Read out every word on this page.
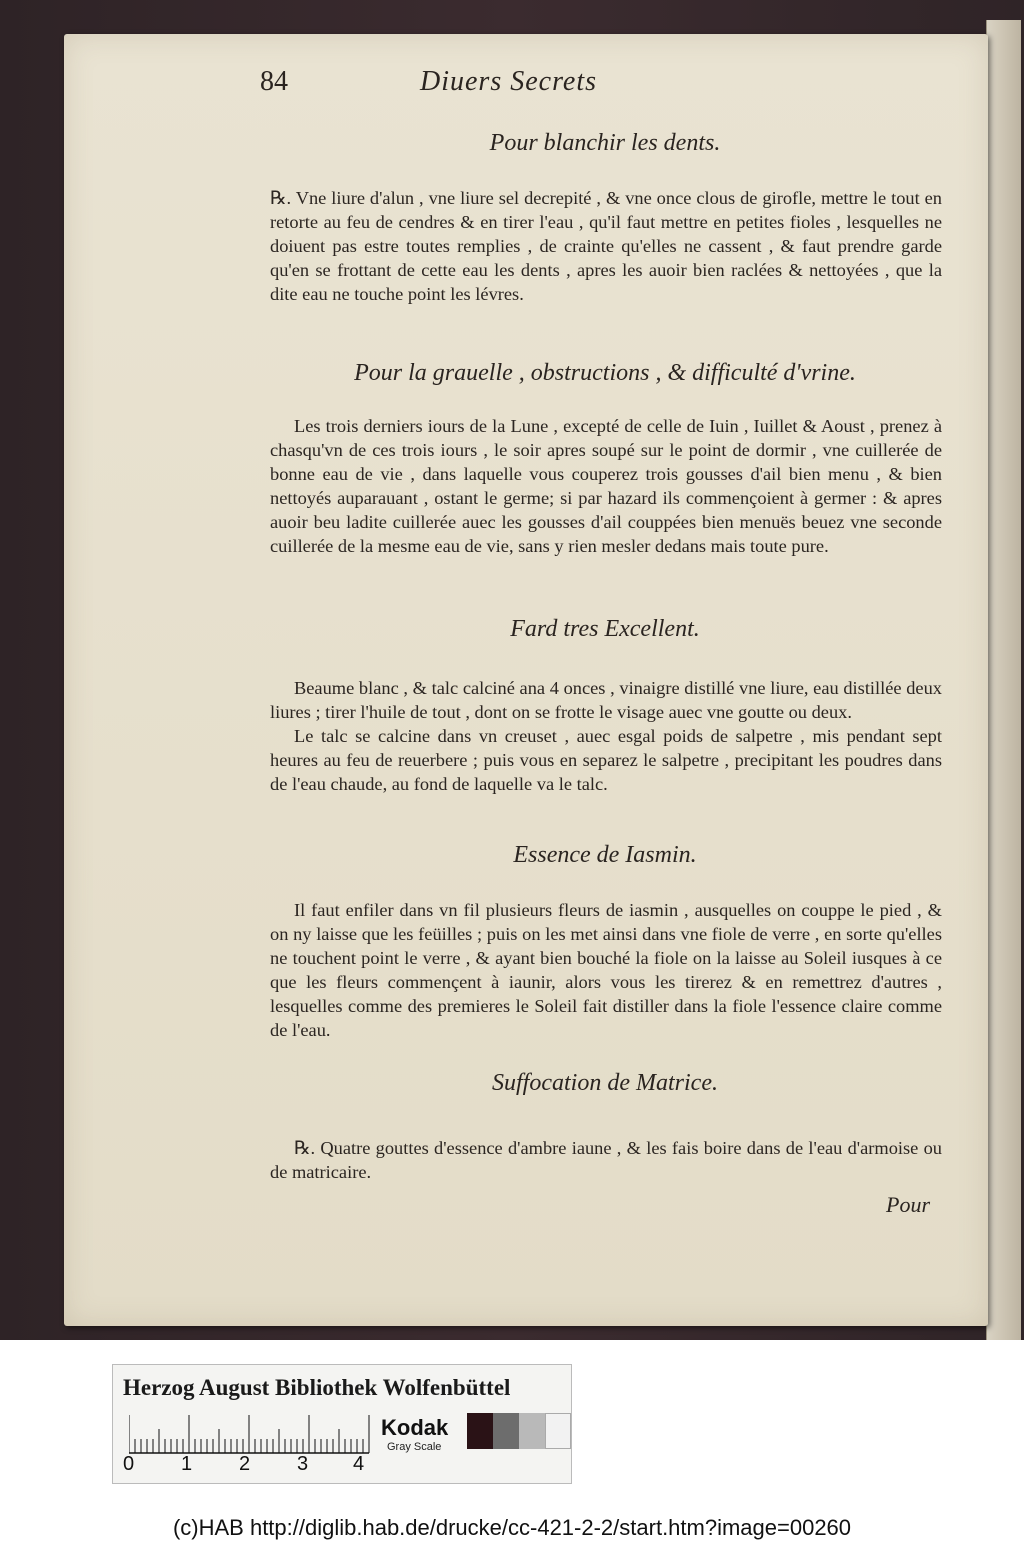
84	Diuers Secrets
Pour blanchir les dents.

℞. Vne liure d'alun , vne liure sel decrepité , & vne once clous de girofle, mettre le tout en retorte au feu de cendres & en tirer l'eau , qu'il faut mettre en petites fioles , lesquelles ne doiuent pas estre toutes remplies , de crainte qu'elles ne cassent , & faut prendre garde qu'en se frottant de cette eau les dents , apres les auoir bien raclées & nettoyées , que la dite eau ne touche point les lévres.

Pour la grauelle , obstructions , & difficulté d'vrine.

Les trois derniers iours de la Lune , excepté de celle de Iuin , Iuillet & Aoust , prenez à chasqu'vn de ces trois iours , le soir apres soupé sur le point de dormir , vne cuillerée de bonne eau de vie , dans laquelle vous couperez trois gousses d'ail bien menu , & bien nettoyés auparauant , ostant le germe; si par hazard ils commençoient à germer : & apres auoir beu ladite cuillerée auec les gousses d'ail couppées bien menuës beuez vne seconde cuillerée de la mesme eau de vie, sans y rien mesler dedans mais toute pure.

Fard tres Excellent.

Beaume blanc , & talc calciné ana 4 onces , vinaigre distillé vne liure, eau distillée deux liures ; tirer l'huile de tout , dont on se frotte le visage auec vne goutte ou deux.

Le talc se calcine dans vn creuset , auec esgal poids de salpetre , mis pendant sept heures au feu de reuerbere ; puis vous en separez le salpetre , precipitant les poudres dans de l'eau chaude, au fond de laquelle va le talc.

Essence de Iasmin.

Il faut enfiler dans vn fil plusieurs fleurs de iasmin , ausquelles on couppe le pied , & on ny laisse que les feüilles ; puis on les met ainsi dans vne fiole de verre , en sorte qu'elles ne touchent point le verre , & ayant bien bouché la fiole on la laisse au Soleil iusques à ce que les fleurs commençent à iaunir, alors vous les tirerez & en remettrez d'autres , lesquelles comme des premieres le Soleil fait distiller dans la fiole l'essence claire comme de l'eau.

Suffocation de Matrice.

℞. Quatre gouttes d'essence d'ambre iaune , & les fais boire dans de l'eau d'armoise ou de matricaire.

Pour
Herzog August Bibliothek Wolfenbüttel
0 1 2 3 4
Kodak
Gray Scale
(c)HAB http://diglib.hab.de/drucke/cc-421-2-2/start.htm?image=00260
